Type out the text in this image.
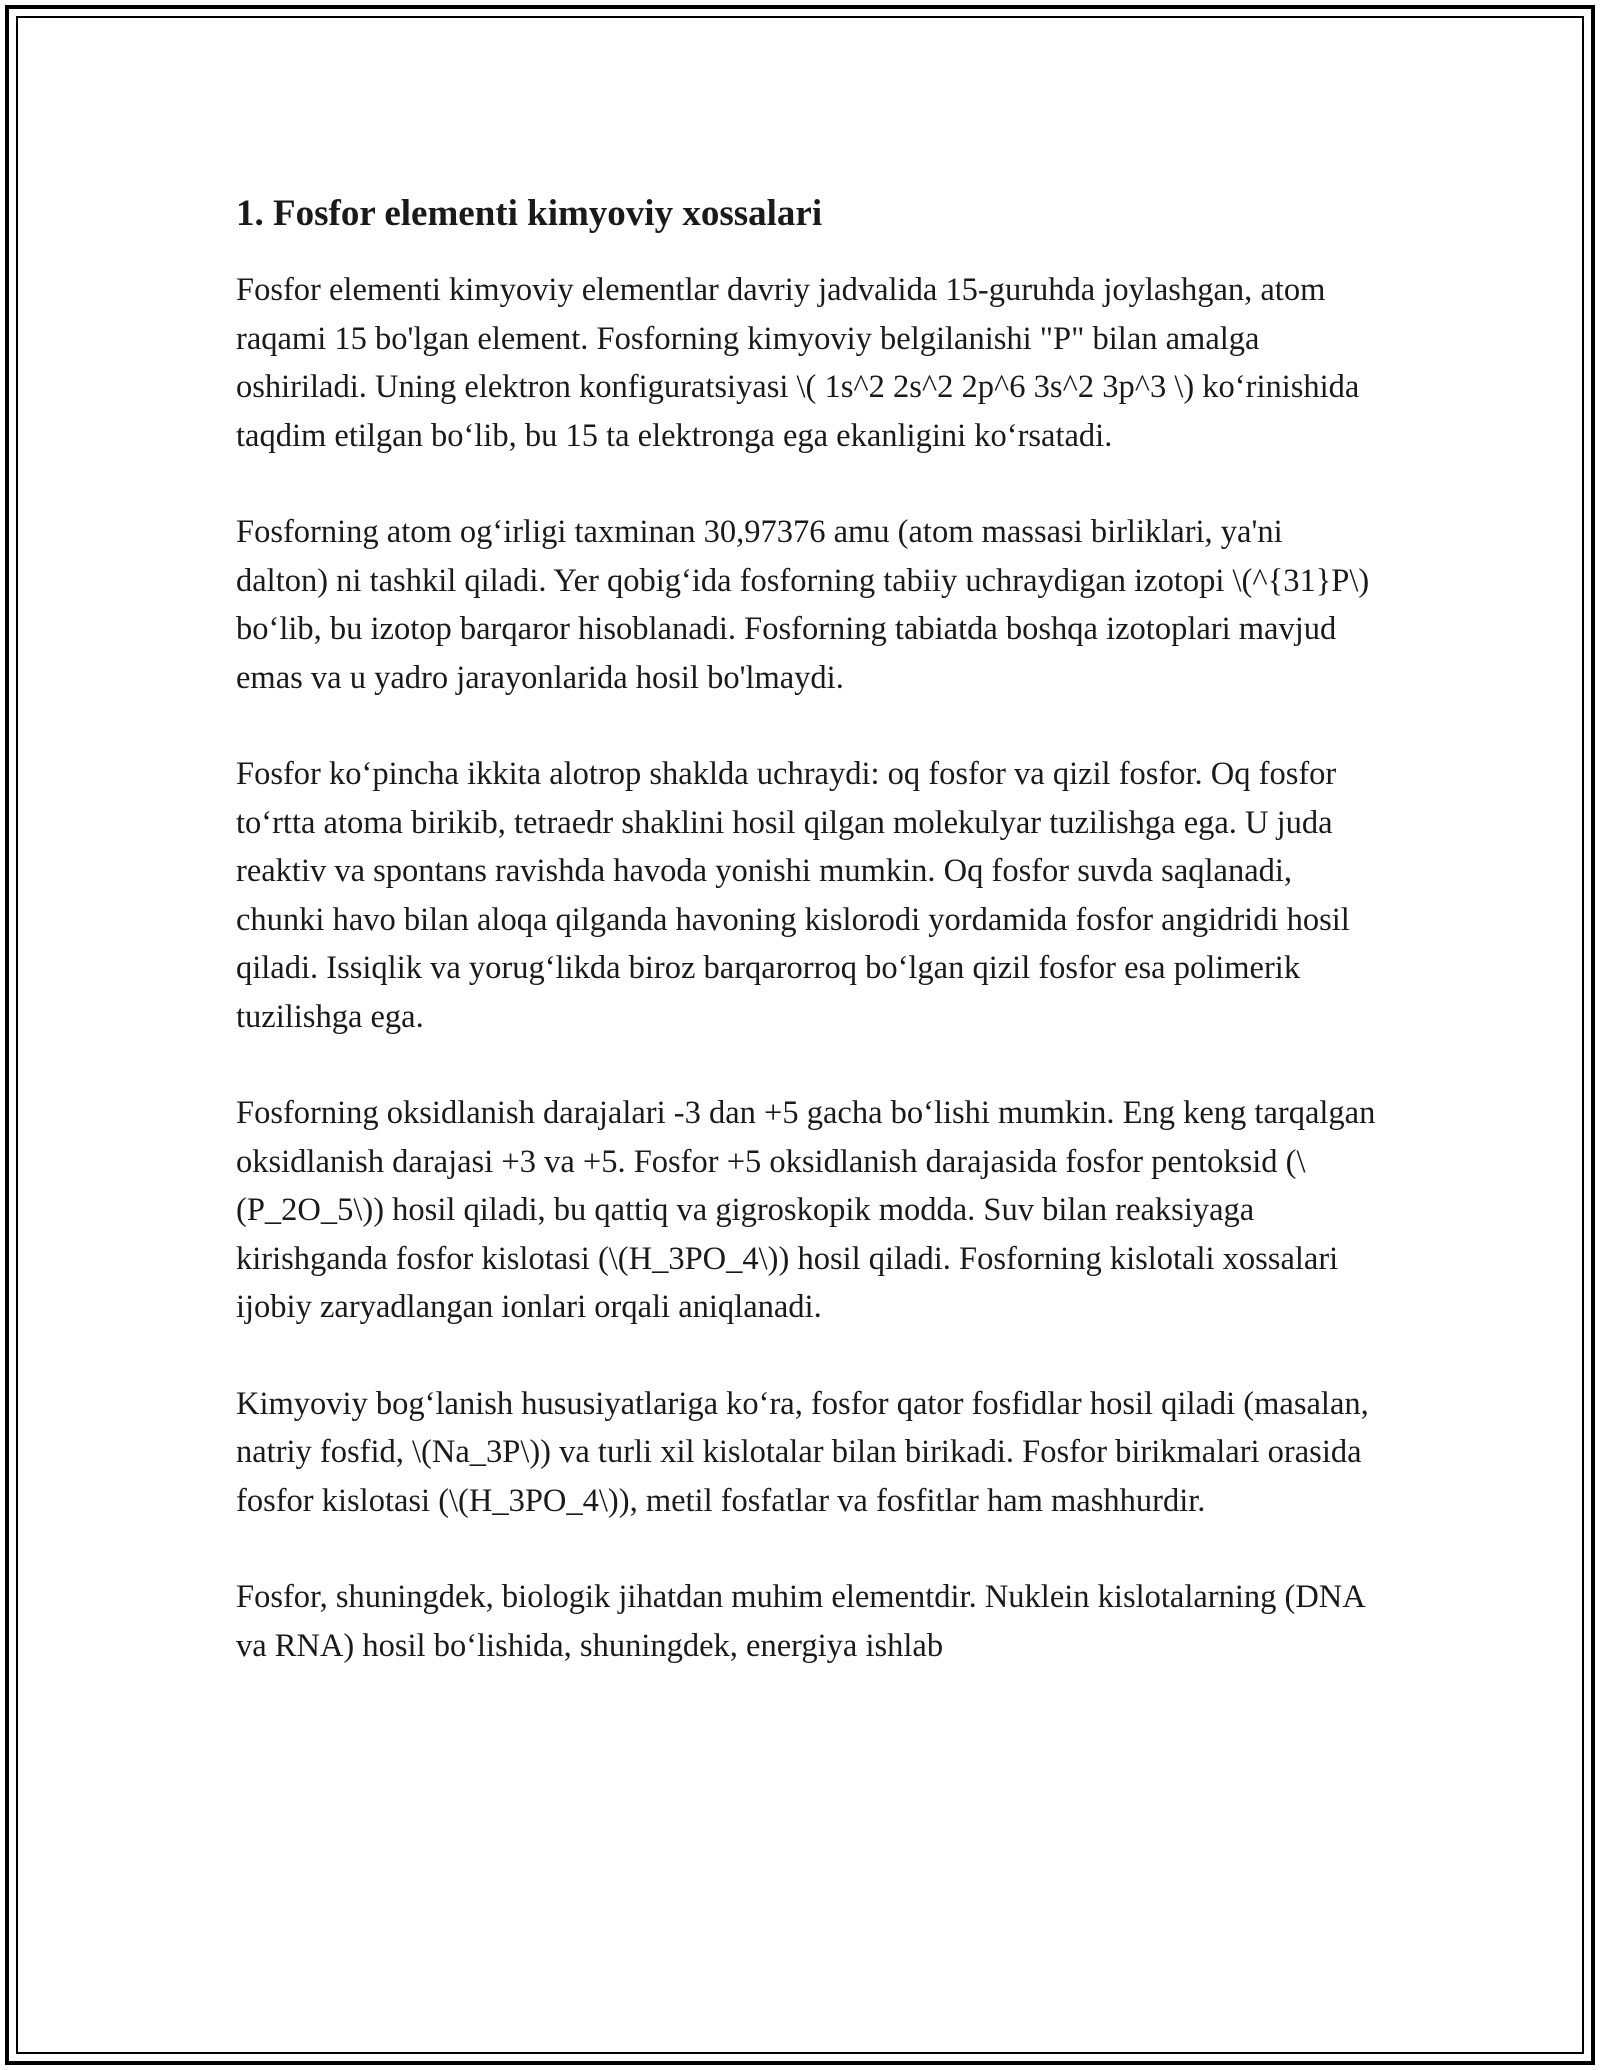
1. Fosfor elementi kimyoviy xossalari

Fosfor elementi kimyoviy elementlar davriy jadvalida 15-guruhda joylashgan, atom raqami 15 bo'lgan element. Fosforning kimyoviy belgilanishi "P" bilan amalga oshiriladi. Uning elektron konfiguratsiyasi \( 1s^2 2s^2 2p^6 3s^2 3p^3 \) ko‘rinishida taqdim etilgan bo‘lib, bu 15 ta elektronga ega ekanligini ko‘rsatadi.

Fosforning atom og‘irligi taxminan 30,97376 amu (atom massasi birliklari, ya'ni dalton) ni tashkil qiladi. Yer qobig‘ida fosforning tabiiy uchraydigan izotopi \(^{31}P\) bo‘lib, bu izotop barqaror hisoblanadi. Fosforning tabiatda boshqa izotoplari mavjud emas va u yadro jarayonlarida hosil bo'lmaydi.

Fosfor ko‘pincha ikkita alotrop shaklda uchraydi: oq fosfor va qizil fosfor. Oq fosfor to‘rtta atoma birikib, tetraedr shaklini hosil qilgan molekulyar tuzilishga ega. U juda reaktiv va spontans ravishda havoda yonishi mumkin. Oq fosfor suvda saqlanadi, chunki havo bilan aloqa qilganda havoning kislorodi yordamida fosfor angidridi hosil qiladi. Issiqlik va yorug‘likda biroz barqarorroq bo‘lgan qizil fosfor esa polimerik tuzilishga ega.

Fosforning oksidlanish darajalari -3 dan +5 gacha bo‘lishi mumkin. Eng keng tarqalgan oksidlanish darajasi +3 va +5. Fosfor +5 oksidlanish darajasida fosfor pentoksid (\(P_2O_5\)) hosil qiladi, bu qattiq va gigroskopik modda. Suv bilan reaksiyaga kirishganda fosfor kislotasi (\(H_3PO_4\)) hosil qiladi. Fosforning kislotali xossalari ijobiy zaryadlangan ionlari orqali aniqlanadi.

Kimyoviy bog‘lanish hususiyatlariga ko‘ra, fosfor qator fosfidlar hosil qiladi (masalan, natriy fosfid, \(Na_3P\)) va turli xil kislotalar bilan birikadi. Fosfor birikmalari orasida fosfor kislotasi (\(H_3PO_4\)), metil fosfatlar va fosfitlar ham mashhurdir.

Fosfor, shuningdek, biologik jihatdan muhim elementdir. Nuklein kislotalarning (DNA va RNA) hosil bo‘lishida, shuningdek, energiya ishlab
